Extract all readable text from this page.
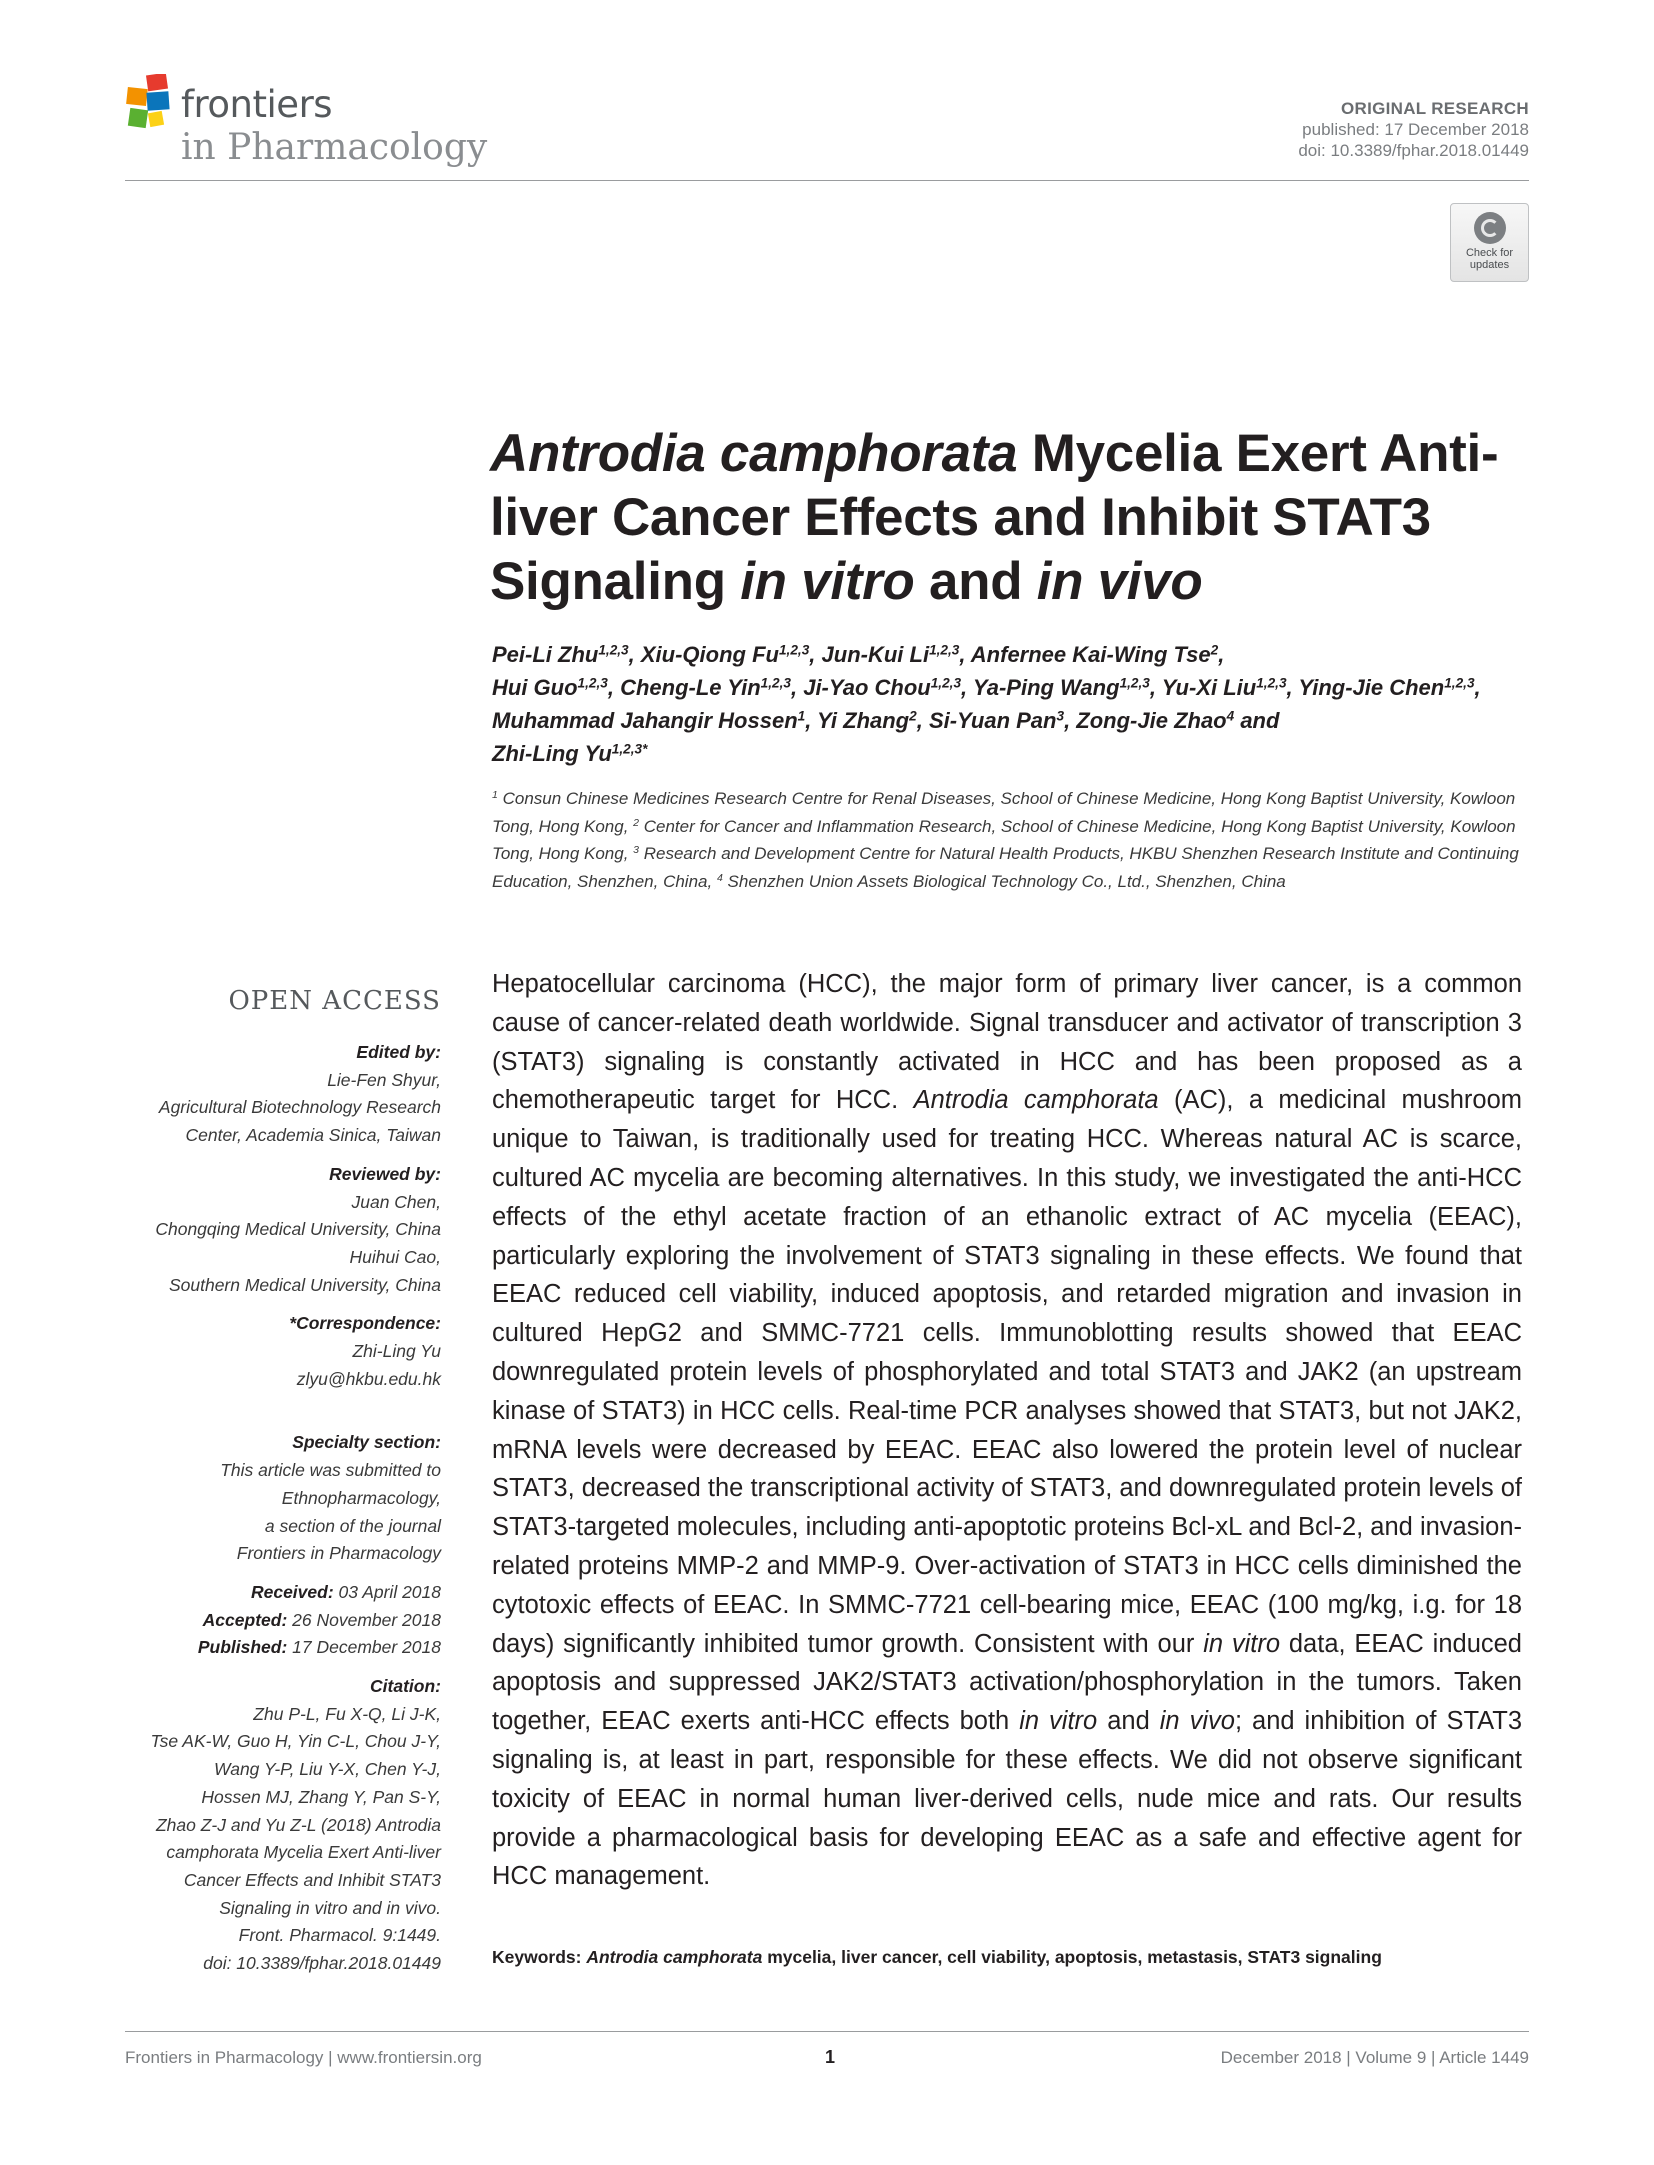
frontiers
in Pharmacology
ORIGINAL RESEARCH
published: 17 December 2018
doi: 10.3389/fphar.2018.01449
Check for
updates
Antrodia camphorata Mycelia Exert Anti-liver Cancer Effects and Inhibit STAT3 Signaling in vitro and in vivo
Pei-Li Zhu$^{1,2,3}$, Xiu-Qiong Fu$^{1,2,3}$, Jun-Kui Li$^{1,2,3}$, Anfernee Kai-Wing Tse$^2$,
Hui Guo$^{1,2,3}$, Cheng-Le Yin$^{1,2,3}$, Ji-Yao Chou$^{1,2,3}$, Ya-Ping Wang$^{1,2,3}$, Yu-Xi Liu$^{1,2,3}$, Ying-Jie Chen$^{1,2,3}$,
Muhammad Jahangir Hossen$^1$, Yi Zhang$^2$, Si-Yuan Pan$^3$, Zong-Jie Zhao$^4$ and
Zhi-Ling $Yu^{1,2,3*}$
$^1$ Consun Chinese Medicines Research Centre for Renal Diseases, School of Chinese Medicine, Hong Kong Baptist University, Kowloon Tong, Hong Kong, $^2$ Center for Cancer and Inflammation Research, School of Chinese Medicine, Hong Kong Baptist University, Kowloon Tong, Hong Kong, $^3$ Research and Development Centre for Natural Health Products, HKBU Shenzhen Research Institute and Continuing Education, Shenzhen, China, $^4$ Shenzhen Union Assets Biological Technology Co., Ltd., Shenzhen, China
Hepatocellular carcinoma (HCC), the major form of primary liver cancer, is a common cause of cancer-related death worldwide. Signal transducer and activator of transcription 3 (STAT3) signaling is constantly activated in HCC and has been proposed as a chemotherapeutic target for HCC. Antrodia camphorata (AC), a medicinal mushroom unique to Taiwan, is traditionally used for treating HCC. Whereas natural AC is scarce, cultured AC mycelia are becoming alternatives. In this study, we investigated the anti-HCC effects of the ethyl acetate fraction of an ethanolic extract of AC mycelia (EEAC), particularly exploring the involvement of STAT3 signaling in these effects. We found that EEAC reduced cell viability, induced apoptosis, and retarded migration and invasion in cultured HepG2 and SMMC-7721 cells. Immunoblotting results showed that EEAC downregulated protein levels of phosphorylated and total STAT3 and JAK2 (an upstream kinase of STAT3) in HCC cells. Real-time PCR analyses showed that STAT3, but not JAK2, mRNA levels were decreased by EEAC. EEAC also lowered the protein level of nuclear STAT3, decreased the transcriptional activity of STAT3, and downregulated protein levels of STAT3-targeted molecules, including anti-apoptotic proteins Bcl-xL and Bcl-2, and invasion-related proteins MMP-2 and MMP-9. Over-activation of STAT3 in HCC cells diminished the cytotoxic effects of EEAC. In SMMC-7721 cell-bearing mice, EEAC (100 mg/kg, i.g. for 18 days) significantly inhibited tumor growth. Consistent with our in vitro data, EEAC induced apoptosis and suppressed JAK2/STAT3 activation/phosphorylation in the tumors. Taken together, EEAC exerts anti-HCC effects both in vitro and in vivo; and inhibition of STAT3 signaling is, at least in part, responsible for these effects. We did not observe significant toxicity of EEAC in normal human liver-derived cells, nude mice and rats. Our results provide a pharmacological basis for developing EEAC as a safe and effective agent for HCC management.
Keywords: Antrodia camphorata mycelia, liver cancer, cell viability, apoptosis, metastasis, STAT3 signaling
OPEN ACCESS
Edited by:
Lie-Fen Shyur,
Agricultural Biotechnology Research
Center, Academia Sinica, Taiwan
Reviewed by:
Juan Chen,
Chongqing Medical University, China
Huihui Cao,
Southern Medical University, China
*Correspondence:
Zhi-Ling Yu
zlyu@hkbu.edu.hk
Specialty section:
This article was submitted to
Ethnopharmacology,
a section of the journal
Frontiers in Pharmacology
Received: 03 April 2018
Accepted: 26 November 2018
Published: 17 December 2018
Citation:
Zhu P-L, Fu X-Q, Li J-K,
Tse AK-W, Guo H, Yin C-L, Chou J-Y,
Wang Y-P, Liu Y-X, Chen Y-J,
Hossen MJ, Zhang Y, Pan S-Y,
Zhao Z-J and Yu Z-L (2018) Antrodia
camphorata Mycelia Exert Anti-liver
Cancer Effects and Inhibit STAT3
Signaling in vitro and in vivo.
Front. Pharmacol. 9:1449.
doi: 10.3389/fphar.2018.01449
Frontiers in Pharmacology | www.frontiersin.org	1	December 2018 | Volume 9 | Article 1449
